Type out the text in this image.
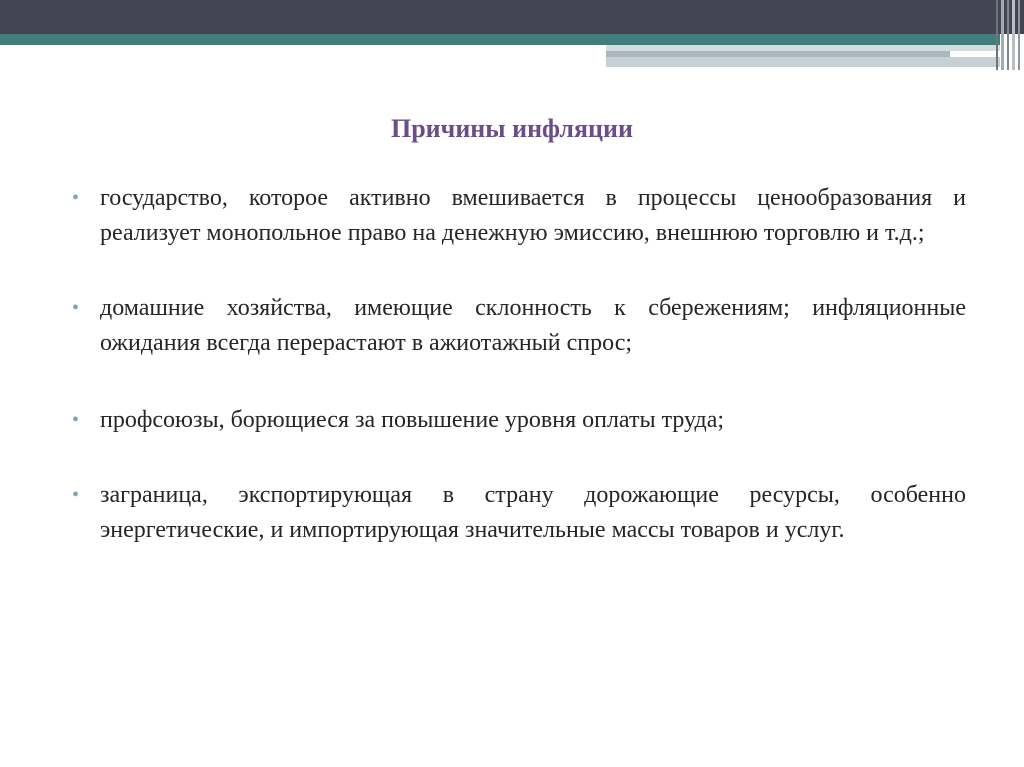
Причины инфляции
• государство, которое активно вмешивается в процессы ценообразования и реализует монопольное право на денежную эмиссию, внешнюю торговлю и т.д.;
• домашние хозяйства, имеющие склонность к сбережениям; инфляционные ожидания всегда перерастают в ажиотажный спрос;
• профсоюзы, борющиеся за повышение уровня оплаты труда;
• заграница, экспортирующая в страну дорожающие ресурсы, особенно энергетические, и импортирующая значительные массы товаров и услуг.
